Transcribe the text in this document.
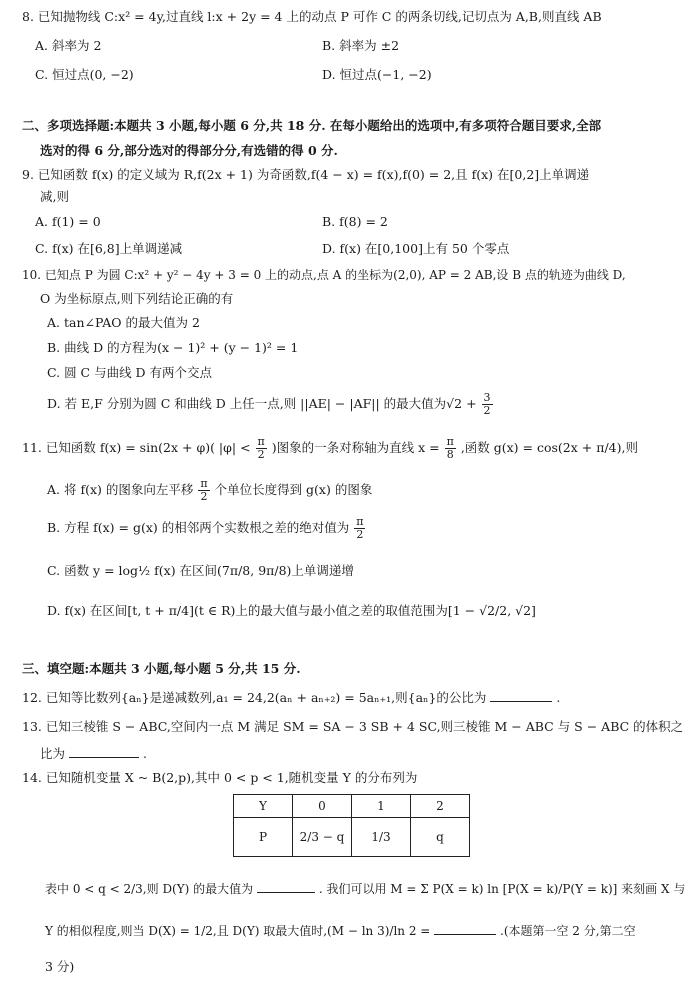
8. 已知抛物线 C:x² = 4y,过直线 l:x + 2y = 4 上的动点 P 可作 C 的两条切线,记切点为 A,B,则直线 AB
A. 斜率为 2	B. 斜率为 ±2
C. 恒过点(0, −2)	D. 恒过点(−1, −2)
二、多项选择题:本题共 3 小题,每小题 6 分,共 18 分. 在每小题给出的选项中,有多项符合题目要求,全部
选对的得 6 分,部分选对的得部分分,有选错的得 0 分.
9. 已知函数 f(x) 的定义域为 R,f(2x + 1) 为奇函数,f(4 − x) = f(x),f(0) = 2,且 f(x) 在[0,2]上单调递
减,则
A. f(1) = 0	B. f(8) = 2
C. f(x) 在[6,8]上单调递减	D. f(x) 在[0,100]上有 50 个零点
10. 已知点 P 为圆 C:x² + y² − 4y + 3 = 0 上的动点,点 A 的坐标为(2,0), AP = 2 AB,设 B 点的轨迹为曲线 D,
O 为坐标原点,则下列结论正确的有
A. tan∠PAO 的最大值为 2
B. 曲线 D 的方程为(x − 1)² + (y − 1)² = 1
C. 圆 C 与曲线 D 有两个交点
D. 若 E,F 分别为圆 C 和曲线 D 上任一点,则 ||AE| − |AF|| 的最大值为$√2 + \frac{3}{2}$
11. 已知函数 f(x) = sin(2x + φ)( $|\varphi| < \frac{\pi}{2}$ )图象的一条对称轴为直线 $x = \frac{\pi}{8}$ ,函数 g(x) = cos(2x + π/4),则
A. 将 f(x) 的图象向左平移 $\frac{\pi}{2}$ 个单位长度得到 g(x) 的图象
B. 方程 f(x) = g(x) 的相邻两个实数根之差的绝对值为 $\frac{\pi}{2}$
C. 函数 y = log½ f(x) 在区间(7π/8, 9π/8)上单调递增
D. f(x) 在区间[t, t + π/4](t ∈ R)上的最大值与最小值之差的取值范围为[1 − √2/2, √2]
三、填空题:本题共 3 小题,每小题 5 分,共 15 分.
12. 已知等比数列{aₙ}是递减数列,a₁ = 24,2(aₙ + aₙ₊₂) = 5aₙ₊₁,则{aₙ}的公比为	.
13. 已知三棱锥 S − ABC,空间内一点 M 满足 SM = SA − 3 SB + 4 SC,则三棱锥 M − ABC 与 S − ABC 的体积之
比为	.
14. 已知随机变量 X ~ B(2,p),其中 0 < p < 1,随机变量 Y 的分布列为
Y	0	1	2
P	2/3 − q	1/3	q
表中 0 < q < 2/3,则 D(Y) 的最大值为	. 我们可以用 M = Σ P(X = k) ln [P(X = k)/P(Y = k)] 来刻画 X 与
Y 的相似程度,则当 D(X) = 1/2,且 D(Y) 取最大值时,(M − ln 3)/ln 2 =	.(本题第一空 2 分,第二空
3 分)
